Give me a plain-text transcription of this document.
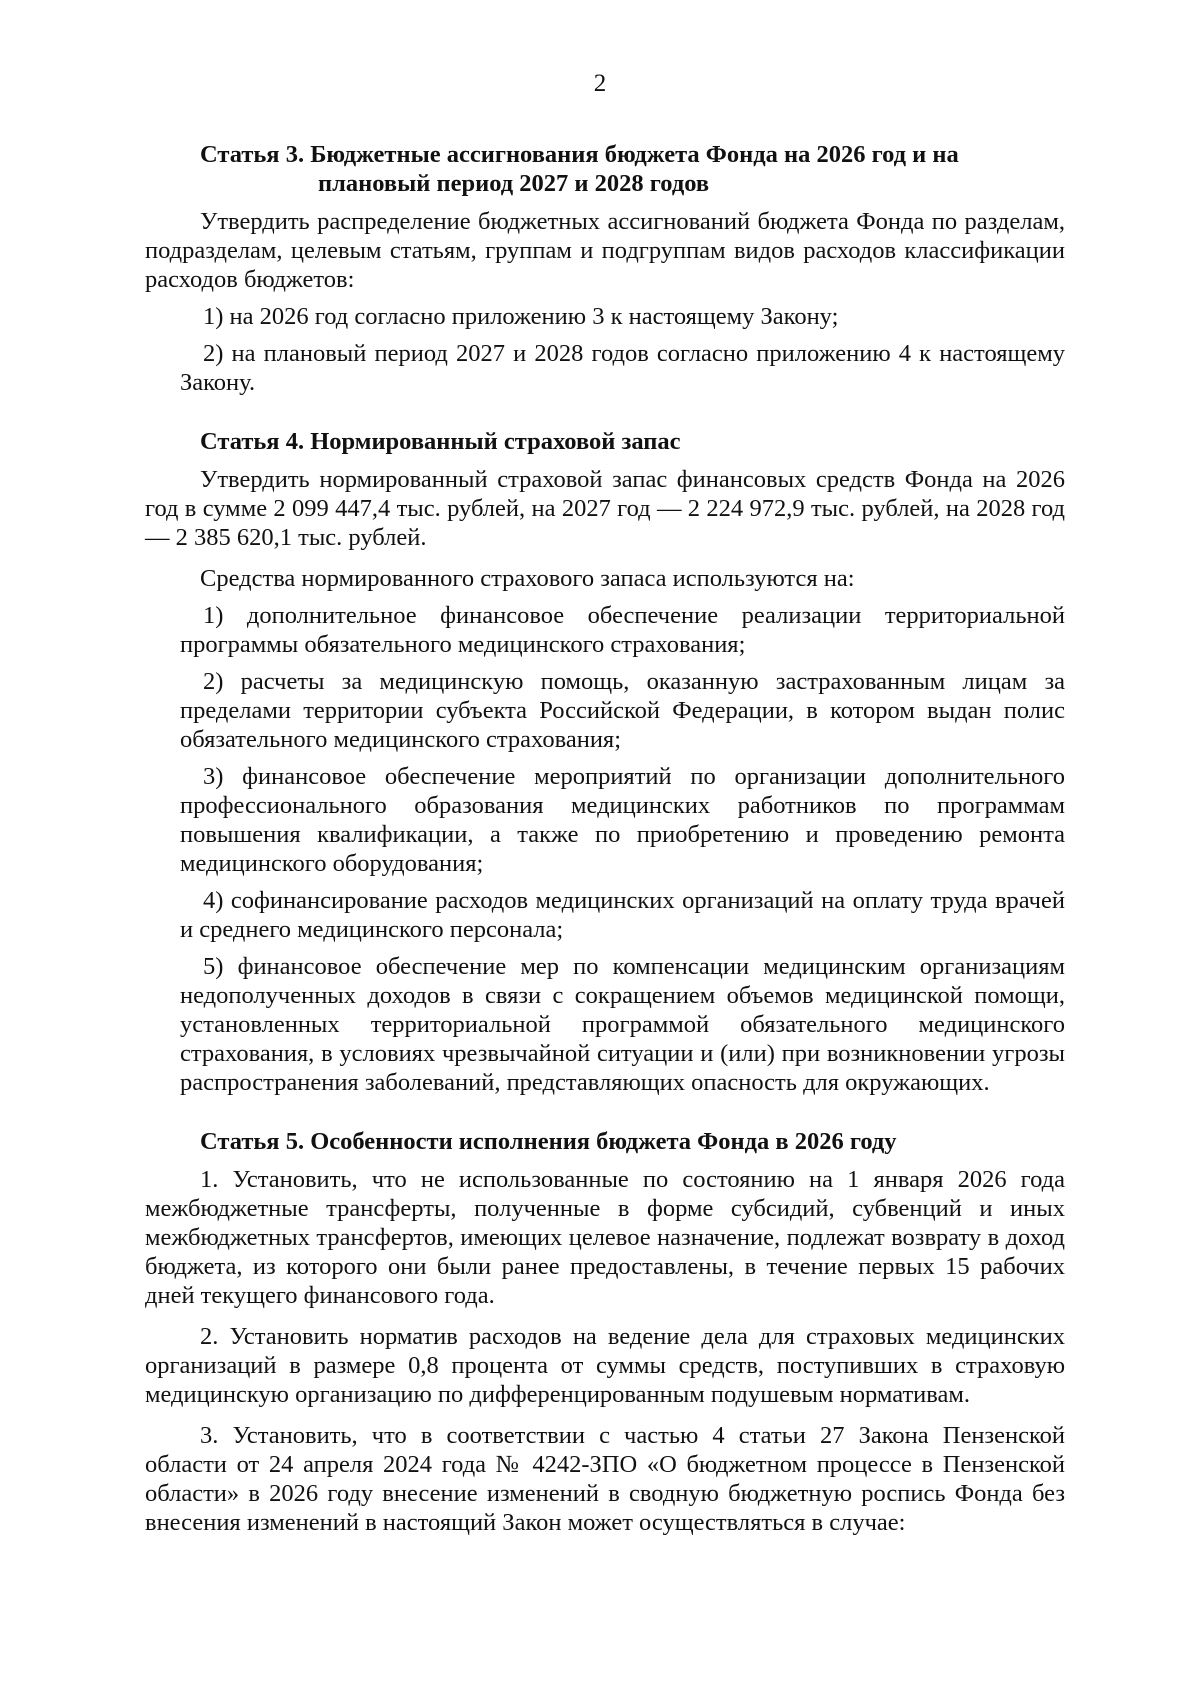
2
Статья 3. Бюджетные ассигнования бюджета Фонда на 2026 год и на
плановый период 2027 и 2028 годов

Утвердить распределение бюджетных ассигнований бюджета Фонда по разделам, подразделам, целевым статьям, группам и подгруппам видов расходов классификации расходов бюджетов:

1) на 2026 год согласно приложению 3 к настоящему Закону;

2) на плановый период 2027 и 2028 годов согласно приложению 4 к настоящему Закону.

Статья 4. Нормированный страховой запас

Утвердить нормированный страховой запас финансовых средств Фонда на 2026 год в сумме 2 099 447,4 тыс. рублей, на 2027 год — 2 224 972,9 тыс. рублей, на 2028 год — 2 385 620,1 тыс. рублей.

Средства нормированного страхового запаса используются на:

1) дополнительное финансовое обеспечение реализации территориальной программы обязательного медицинского страхования;

2) расчеты за медицинскую помощь, оказанную застрахованным лицам за пределами территории субъекта Российской Федерации, в котором выдан полис обязательного медицинского страхования;

3) финансовое обеспечение мероприятий по организации дополнительного профессионального образования медицинских работников по программам повышения квалификации, а также по приобретению и проведению ремонта медицинского оборудования;

4) софинансирование расходов медицинских организаций на оплату труда врачей и среднего медицинского персонала;

5) финансовое обеспечение мер по компенсации медицинским организациям недополученных доходов в связи с сокращением объемов медицинской помощи, установленных территориальной программой обязательного медицинского страхования, в условиях чрезвычайной ситуации и (или) при возникновении угрозы распространения заболеваний, представляющих опасность для окружающих.

Статья 5. Особенности исполнения бюджета Фонда в 2026 году

1. Установить, что не использованные по состоянию на 1 января 2026 года межбюджетные трансферты, полученные в форме субсидий, субвенций и иных межбюджетных трансфертов, имеющих целевое назначение, подлежат возврату в доход бюджета, из которого они были ранее предоставлены, в течение первых 15 рабочих дней текущего финансового года.

2. Установить норматив расходов на ведение дела для страховых медицинских организаций в размере 0,8 процента от суммы средств, поступивших в страховую медицинскую организацию по дифференцированным подушевым нормативам.

3. Установить, что в соответствии с частью 4 статьи 27 Закона Пензенской области от 24 апреля 2024 года № 4242-ЗПО «О бюджетном процессе в Пензенской области» в 2026 году внесение изменений в сводную бюджетную роспись Фонда без внесения изменений в настоящий Закон может осуществляться в случае:
